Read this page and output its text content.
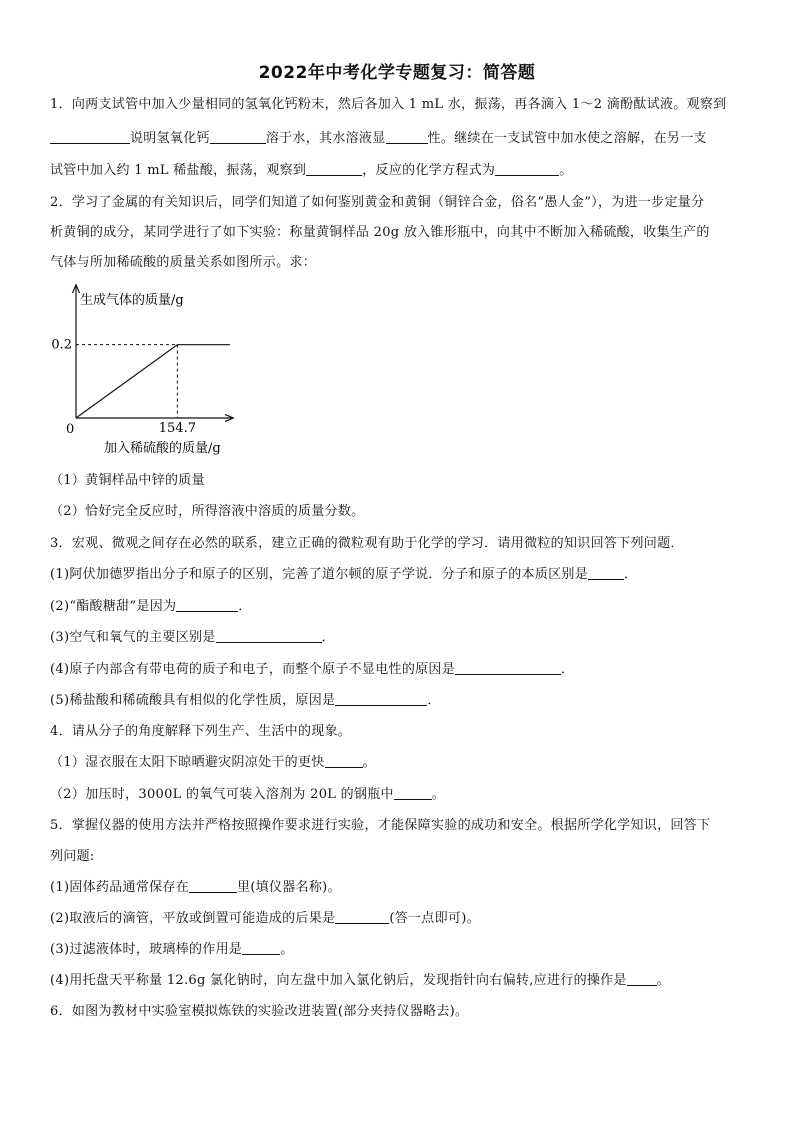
2022年中考化学专题复习：简答题
1．向两支试管中加入少量相同的氢氧化钙粉末，然后各加入 1 mL 水，振荡，再各滴入 1～2 滴酚酞试液。观察到
说明氢氧化钙	溶于水，其水溶液显	性。继续在一支试管中加水使之溶解，在另一支
试管中加入约 1 mL 稀盐酸，振荡，观察到	，反应的化学方程式为	。
2．学习了金属的有关知识后，同学们知道了如何鉴别黄金和黄铜（铜锌合金，俗名“愚人金”），为进一步定量分
析黄铜的成分，某同学进行了如下实验：称量黄铜样品 20g 放入锥形瓶中，向其中不断加入稀硫酸，收集生产的
气体与所加稀硫酸的质量关系如图所示。求：
生成气体的质量/g
0.2
154.7
0
加入稀硫酸的质量/g
（1）黄铜样品中锌的质量
（2）恰好完全反应时，所得溶液中溶质的质量分数。
3．宏观、微观之间存在必然的联系，建立正确的微粒观有助于化学的学习．请用微粒的知识回答下列问题．
(1)阿伏加德罗指出分子和原子的区别，完善了道尔顿的原子学说．分子和原子的本质区别是	．
(2)“酯酸糖甜”是因为	．
(3)空气和氧气的主要区别是	．
(4)原子内部含有带电荷的质子和电子，而整个原子不显电性的原因是	．
(5)稀盐酸和稀硫酸具有相似的化学性质，原因是	．
4．请从分子的角度解释下列生产、生活中的现象。
（1）湿衣服在太阳下晾晒避灾阴凉处干的更快	。
（2）加压时，3000L 的氧气可装入溶剂为 20L 的钢瓶中	。
5．掌握仪器的使用方法并严格按照操作要求进行实验，才能保障实验的成功和安全。根据所学化学知识，回答下
列问题:
(1)固体药品通常保存在	里(填仪器名称)。
(2)取液后的滴管，平放或倒置可能造成的后果是	(答一点即可)。
(3)过滤液体时，玻璃棒的作用是	。
(4)用托盘天平称量 12.6g 氯化钠时，向左盘中加入氯化钠后，发现指针向右偏转,应进行的操作是 。
6．如图为教材中实验室模拟炼铁的实验改进装置(部分夹持仪器略去)。
